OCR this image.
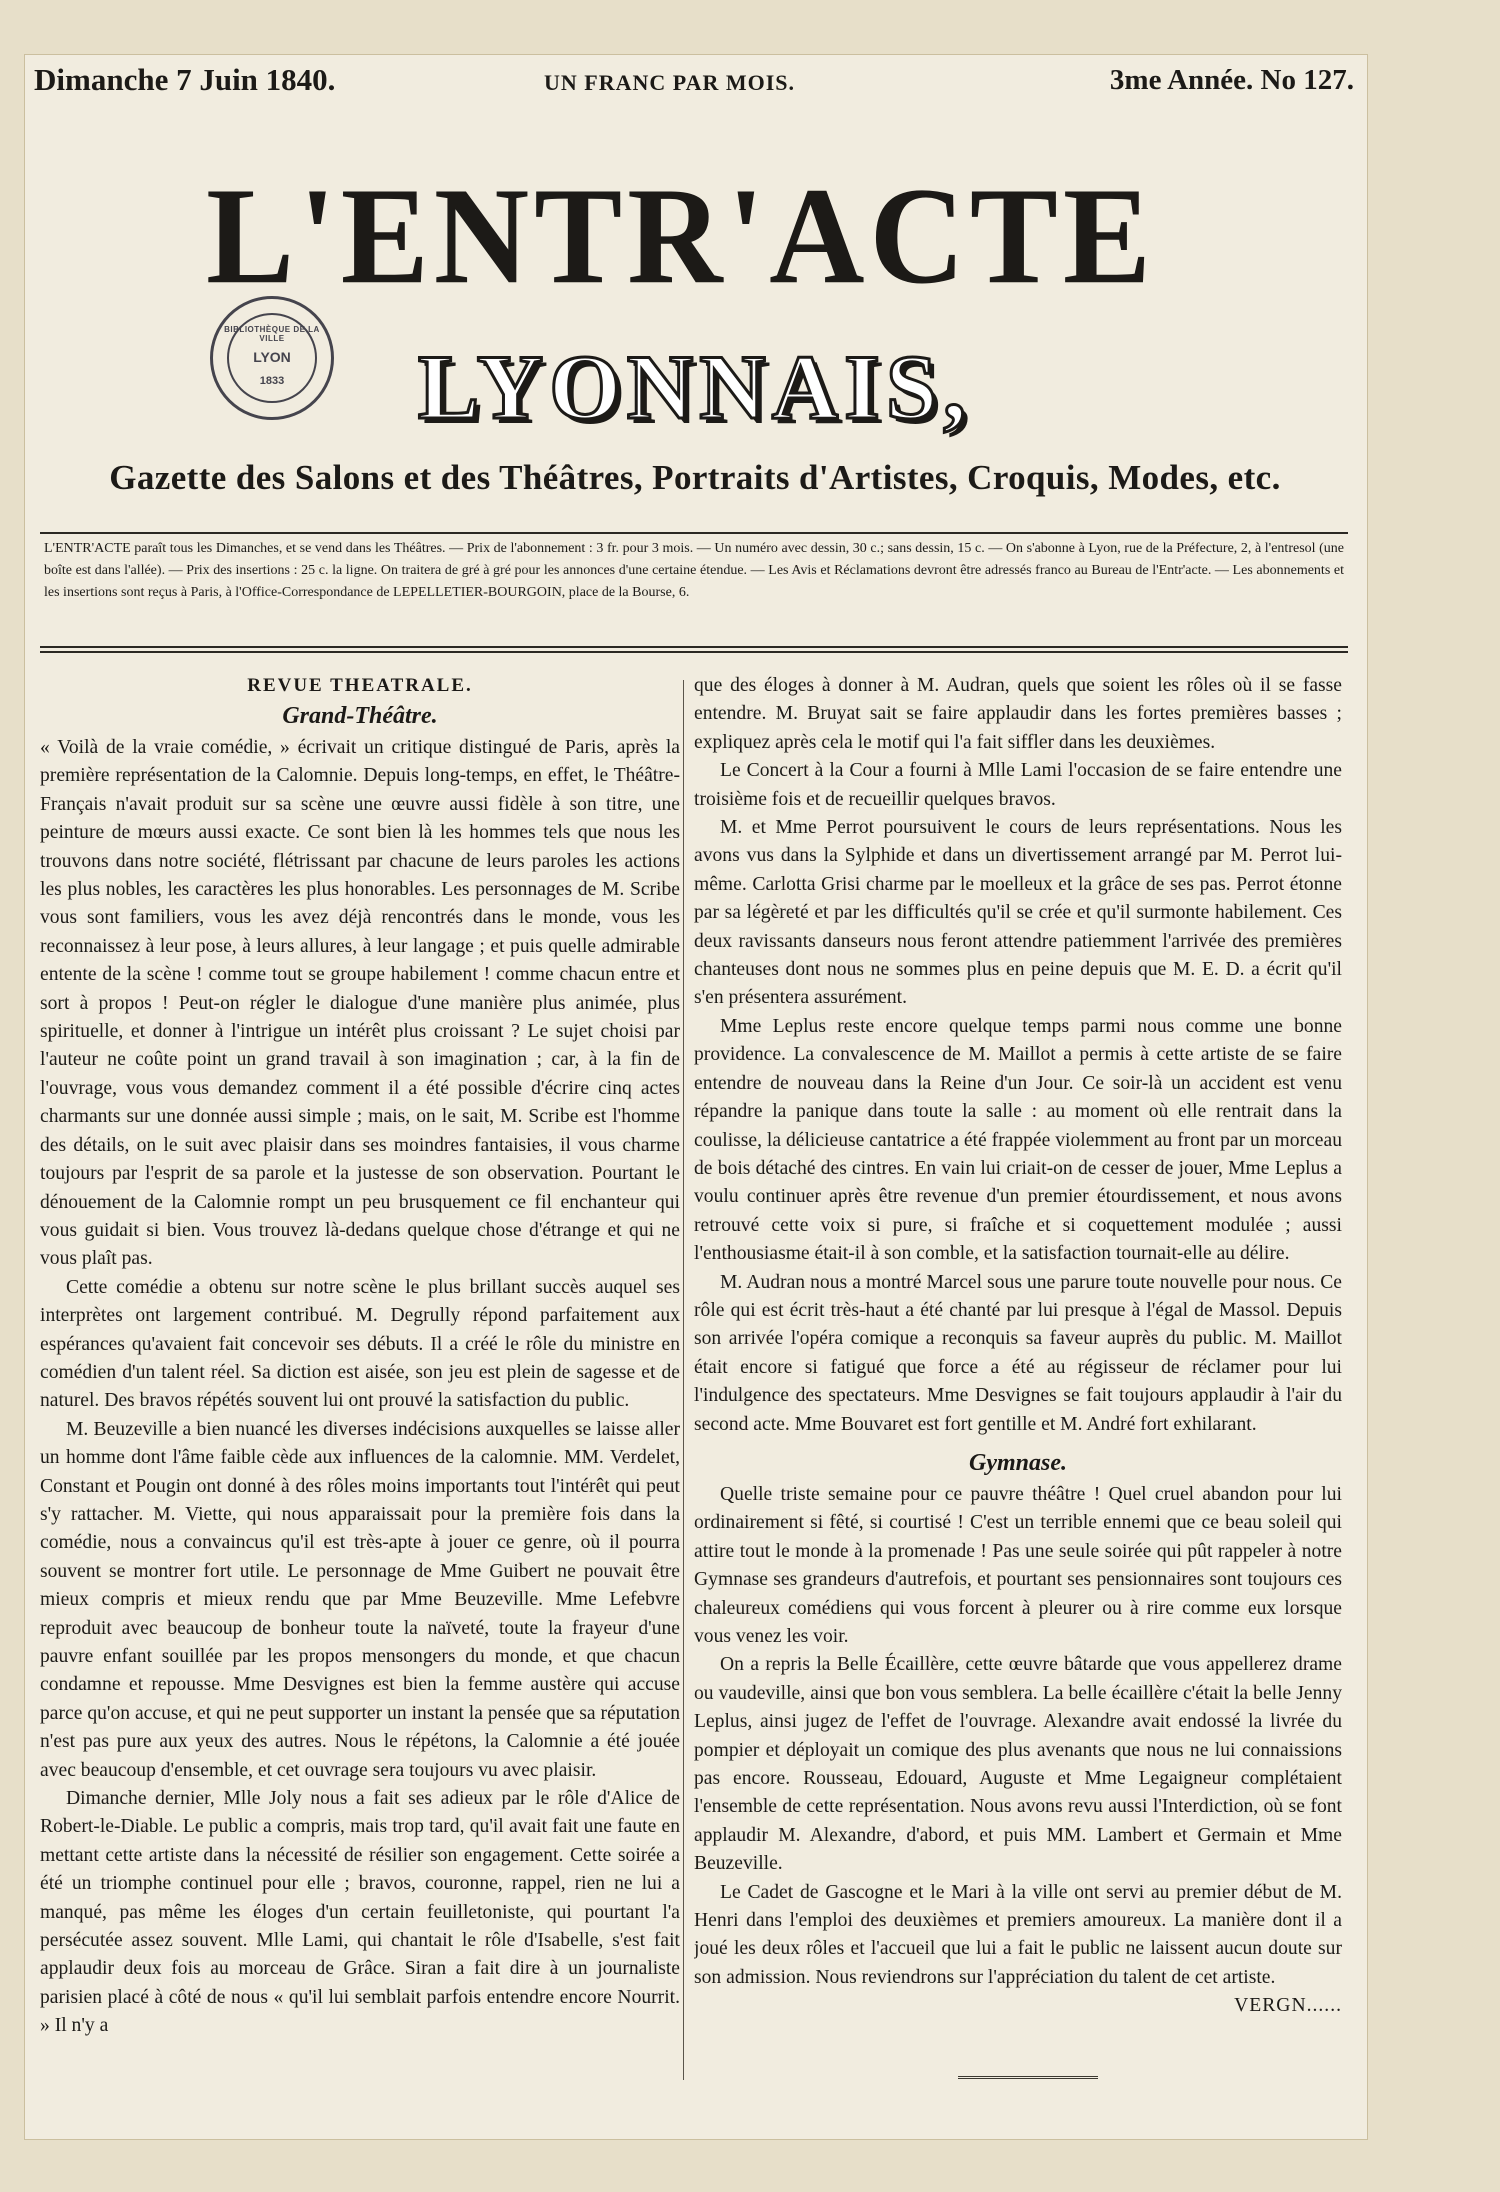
Dimanche 7 Juin 1840.	UN FRANC PAR MOIS.	3me Année. No 127.
L'ENTR'ACTE
LYONNAIS,
BIBLIOTHÈQUE DE LA VILLE
LYON
1833
Gazette des Salons et des Théâtres, Portraits d'Artistes, Croquis, Modes, etc.
L'ENTR'ACTE paraît tous les Dimanches, et se vend dans les Théâtres. — Prix de l'abonnement : 3 fr. pour 3 mois. — Un numéro avec dessin, 30 c.; sans dessin, 15 c. — On s'abonne à Lyon, rue de la Préfecture, 2, à l'entresol (une boîte est dans l'allée). — Prix des insertions : 25 c. la ligne. On traitera de gré à gré pour les annonces d'une certaine étendue. — Les Avis et Réclamations devront être adressés franco au Bureau de l'Entr'acte. — Les abonnements et les insertions sont reçus à Paris, à l'Office-Correspondance de LEPELLETIER-BOURGOIN, place de la Bourse, 6.
REVUE THEATRALE.
Grand-Théâtre.

« Voilà de la vraie comédie, » écrivait un critique distingué de Paris, après la première représentation de la Calomnie. Depuis long-temps, en effet, le Théâtre-Français n'avait produit sur sa scène une œuvre aussi fidèle à son titre, une peinture de mœurs aussi exacte. Ce sont bien là les hommes tels que nous les trouvons dans notre société, flétrissant par chacune de leurs paroles les actions les plus nobles, les caractères les plus honorables. Les personnages de M. Scribe vous sont familiers, vous les avez déjà rencontrés dans le monde, vous les reconnaissez à leur pose, à leurs allures, à leur langage ; et puis quelle admirable entente de la scène ! comme tout se groupe habilement ! comme chacun entre et sort à propos ! Peut-on régler le dialogue d'une manière plus animée, plus spirituelle, et donner à l'intrigue un intérêt plus croissant ? Le sujet choisi par l'auteur ne coûte point un grand travail à son imagination ; car, à la fin de l'ouvrage, vous vous demandez comment il a été possible d'écrire cinq actes charmants sur une donnée aussi simple ; mais, on le sait, M. Scribe est l'homme des détails, on le suit avec plaisir dans ses moindres fantaisies, il vous charme toujours par l'esprit de sa parole et la justesse de son observation. Pourtant le dénouement de la Calomnie rompt un peu brusquement ce fil enchanteur qui vous guidait si bien. Vous trouvez là-dedans quelque chose d'étrange et qui ne vous plaît pas.

Cette comédie a obtenu sur notre scène le plus brillant succès auquel ses interprètes ont largement contribué. M. Degrully répond parfaitement aux espérances qu'avaient fait concevoir ses débuts. Il a créé le rôle du ministre en comédien d'un talent réel. Sa diction est aisée, son jeu est plein de sagesse et de naturel. Des bravos répétés souvent lui ont prouvé la satisfaction du public.

M. Beuzeville a bien nuancé les diverses indécisions auxquelles se laisse aller un homme dont l'âme faible cède aux influences de la calomnie. MM. Verdelet, Constant et Pougin ont donné à des rôles moins importants tout l'intérêt qui peut s'y rattacher. M. Viette, qui nous apparaissait pour la première fois dans la comédie, nous a convaincus qu'il est très-apte à jouer ce genre, où il pourra souvent se montrer fort utile. Le personnage de Mme Guibert ne pouvait être mieux compris et mieux rendu que par Mme Beuzeville. Mme Lefebvre reproduit avec beaucoup de bonheur toute la naïveté, toute la frayeur d'une pauvre enfant souillée par les propos mensongers du monde, et que chacun condamne et repousse. Mme Desvignes est bien la femme austère qui accuse parce qu'on accuse, et qui ne peut supporter un instant la pensée que sa réputation n'est pas pure aux yeux des autres. Nous le répétons, la Calomnie a été jouée avec beaucoup d'ensemble, et cet ouvrage sera toujours vu avec plaisir.

Dimanche dernier, Mlle Joly nous a fait ses adieux par le rôle d'Alice de Robert-le-Diable. Le public a compris, mais trop tard, qu'il avait fait une faute en mettant cette artiste dans la nécessité de résilier son engagement. Cette soirée a été un triomphe continuel pour elle ; bravos, couronne, rappel, rien ne lui a manqué, pas même les éloges d'un certain feuilletoniste, qui pourtant l'a persécutée assez souvent. Mlle Lami, qui chantait le rôle d'Isabelle, s'est fait applaudir deux fois au morceau de Grâce. Siran a fait dire à un journaliste parisien placé à côté de nous « qu'il lui semblait parfois entendre encore Nourrit. » Il n'y a

que des éloges à donner à M. Audran, quels que soient les rôles où il se fasse entendre. M. Bruyat sait se faire applaudir dans les fortes premières basses ; expliquez après cela le motif qui l'a fait siffler dans les deuxièmes.

Le Concert à la Cour a fourni à Mlle Lami l'occasion de se faire entendre une troisième fois et de recueillir quelques bravos.

M. et Mme Perrot poursuivent le cours de leurs représentations. Nous les avons vus dans la Sylphide et dans un divertissement arrangé par M. Perrot lui-même. Carlotta Grisi charme par le moelleux et la grâce de ses pas. Perrot étonne par sa légèreté et par les difficultés qu'il se crée et qu'il surmonte habilement. Ces deux ravissants danseurs nous feront attendre patiemment l'arrivée des premières chanteuses dont nous ne sommes plus en peine depuis que M. E. D. a écrit qu'il s'en présentera assurément.

Mme Leplus reste encore quelque temps parmi nous comme une bonne providence. La convalescence de M. Maillot a permis à cette artiste de se faire entendre de nouveau dans la Reine d'un Jour. Ce soir-là un accident est venu répandre la panique dans toute la salle : au moment où elle rentrait dans la coulisse, la délicieuse cantatrice a été frappée violemment au front par un morceau de bois détaché des cintres. En vain lui criait-on de cesser de jouer, Mme Leplus a voulu continuer après être revenue d'un premier étourdissement, et nous avons retrouvé cette voix si pure, si fraîche et si coquettement modulée ; aussi l'enthousiasme était-il à son comble, et la satisfaction tournait-elle au délire.

M. Audran nous a montré Marcel sous une parure toute nouvelle pour nous. Ce rôle qui est écrit très-haut a été chanté par lui presque à l'égal de Massol. Depuis son arrivée l'opéra comique a reconquis sa faveur auprès du public. M. Maillot était encore si fatigué que force a été au régisseur de réclamer pour lui l'indulgence des spectateurs. Mme Desvignes se fait toujours applaudir à l'air du second acte. Mme Bouvaret est fort gentille et M. André fort exhilarant.

Gymnase.

Quelle triste semaine pour ce pauvre théâtre ! Quel cruel abandon pour lui ordinairement si fêté, si courtisé ! C'est un terrible ennemi que ce beau soleil qui attire tout le monde à la promenade ! Pas une seule soirée qui pût rappeler à notre Gymnase ses grandeurs d'autrefois, et pourtant ses pensionnaires sont toujours ces chaleureux comédiens qui vous forcent à pleurer ou à rire comme eux lorsque vous venez les voir.

On a repris la Belle Écaillère, cette œuvre bâtarde que vous appellerez drame ou vaudeville, ainsi que bon vous semblera. La belle écaillère c'était la belle Jenny Leplus, ainsi jugez de l'effet de l'ouvrage. Alexandre avait endossé la livrée du pompier et déployait un comique des plus avenants que nous ne lui connaissions pas encore. Rousseau, Edouard, Auguste et Mme Legaigneur complétaient l'ensemble de cette représentation. Nous avons revu aussi l'Interdiction, où se font applaudir M. Alexandre, d'abord, et puis MM. Lambert et Germain et Mme Beuzeville.

Le Cadet de Gascogne et le Mari à la ville ont servi au premier début de M. Henri dans l'emploi des deuxièmes et premiers amoureux. La manière dont il a joué les deux rôles et l'accueil que lui a fait le public ne laissent aucun doute sur son admission. Nous reviendrons sur l'appréciation du talent de cet artiste.

VERGN......
